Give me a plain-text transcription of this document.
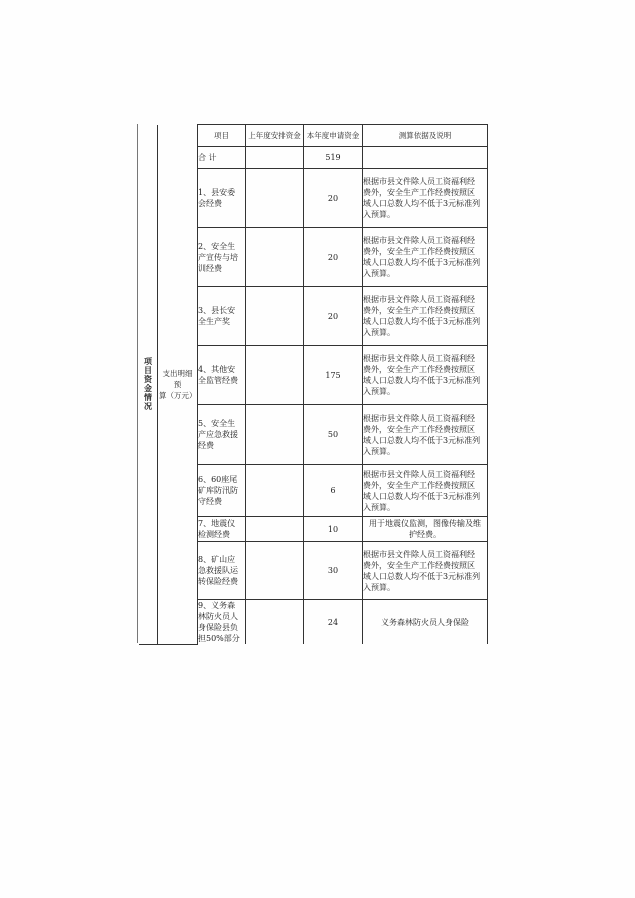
项目资金情况	支出明细预
算（万元）	项目	上年度安排资金	本年度申请资金	测算依据及说明
		合 计		519	
		1、县安委
会经费		20	根据市县文件除人员工资福利经
费外，安全生产工作经费按照区
域人口总数人均不低于3元标准列
入预算。
		2、安全生
产宣传与培
训经费		20	根据市县文件除人员工资福利经
费外，安全生产工作经费按照区
域人口总数人均不低于3元标准列
入预算。
		3、县长安
全生产奖		20	根据市县文件除人员工资福利经
费外，安全生产工作经费按照区
域人口总数人均不低于3元标准列
入预算。
		4、其他安
全监管经费		175	根据市县文件除人员工资福利经
费外，安全生产工作经费按照区
域人口总数人均不低于3元标准列
入预算。
		5、安全生
产应急救援
经费		50	根据市县文件除人员工资福利经
费外，安全生产工作经费按照区
域人口总数人均不低于3元标准列
入预算。
		6、60座尾
矿库防汛防
守经费		6	根据市县文件除人员工资福利经
费外，安全生产工作经费按照区
域人口总数人均不低于3元标准列
入预算。
		7、地震仪
检测经费		10	用于地震仪监测，图像传输及维
护经费。
		8、矿山应
急救援队运
转保险经费		30	根据市县文件除人员工资福利经
费外，安全生产工作经费按照区
域人口总数人均不低于3元标准列
入预算。
		9、义务森
林防火员人
身保险县负
担50%部分		24	义务森林防火员人身保险
